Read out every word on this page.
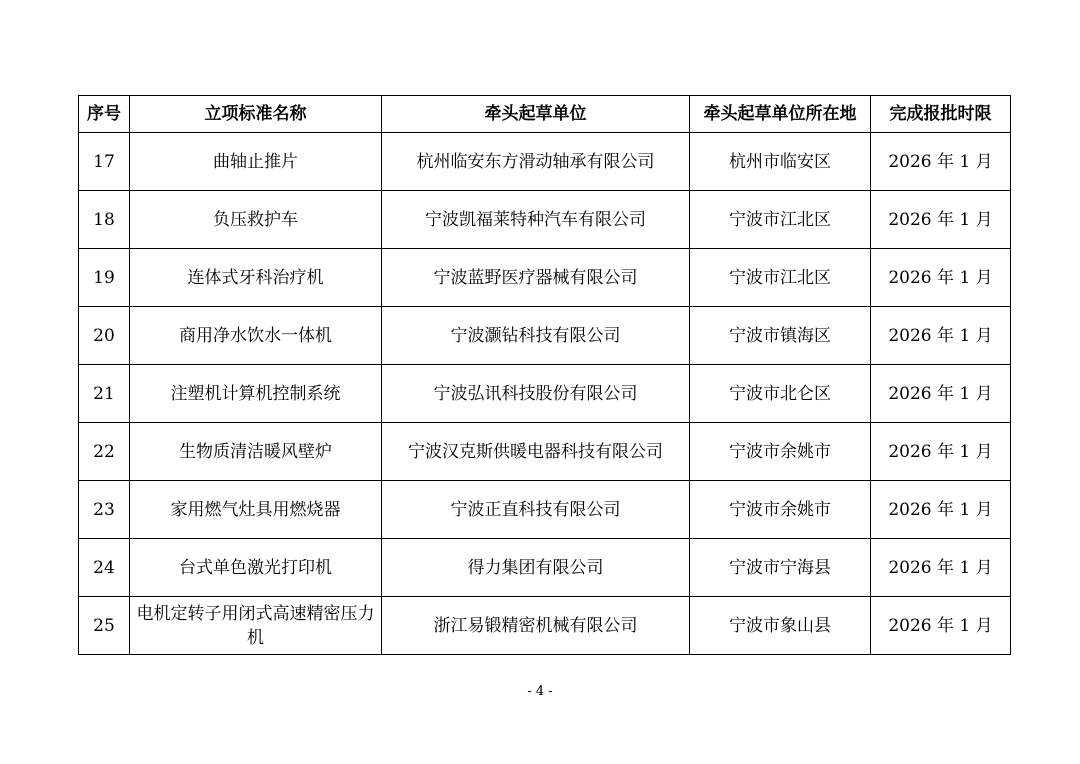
序号	立项标准名称	牵头起草单位	牵头起草单位所在地	完成报批时限
17	曲轴止推片	杭州临安东方滑动轴承有限公司	杭州市临安区	2026 年 1 月
18	负压救护车	宁波凯福莱特种汽车有限公司	宁波市江北区	2026 年 1 月
19	连体式牙科治疗机	宁波蓝野医疗器械有限公司	宁波市江北区	2026 年 1 月
20	商用净水饮水一体机	宁波灏钻科技有限公司	宁波市镇海区	2026 年 1 月
21	注塑机计算机控制系统	宁波弘讯科技股份有限公司	宁波市北仑区	2026 年 1 月
22	生物质清洁暖风壁炉	宁波汉克斯供暖电器科技有限公司	宁波市余姚市	2026 年 1 月
23	家用燃气灶具用燃烧器	宁波正直科技有限公司	宁波市余姚市	2026 年 1 月
24	台式单色激光打印机	得力集团有限公司	宁波市宁海县	2026 年 1 月
25	电机定转子用闭式高速精密压力机	浙江易锻精密机械有限公司	宁波市象山县	2026 年 1 月
- 4 -
